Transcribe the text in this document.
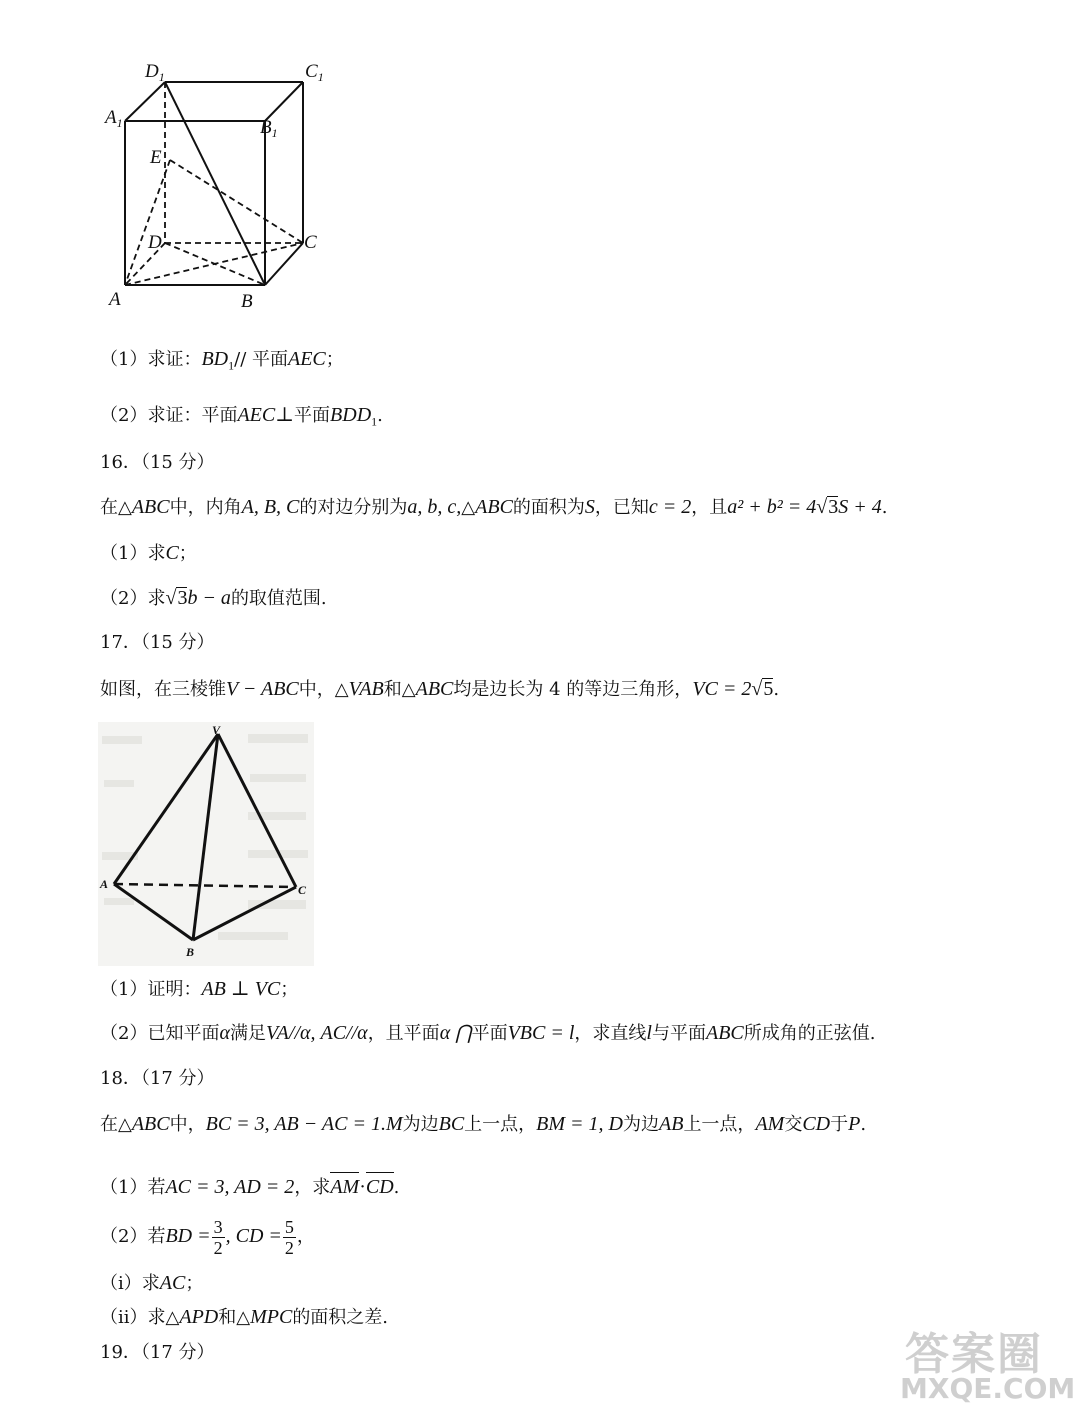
$D_1$	$C_1$
$A_1$	$B_1$
E
D	C
A	B
（1）求证：$BD_1//$ 平面AEC；
（2）求证：平面AEC⊥平面$BDD_1$.
16．（15 分）
在△ABC中，内角A, B, C的对边分别为a, b, c,△ABC的面积为S，已知c = 2，且a² + b² = 4√3S + 4.
（1）求C；
（2）求√3b − a的取值范围.
17．（15 分）
如图，在三棱锥V − ABC中，△VAB和△ABC均是边长为 4 的等边三角形，VC = 2√5.
V
A
B
C
（1）证明：AB ⊥ VC；
（2）已知平面α满足VA//α, AC//α，且平面α ⋂平面VBC = l，求直线l与平面ABC所成角的正弦值.
18．（17 分）
在△ABC中，BC = 3, AB − AC = 1.M为边BC上一点，BM = 1, D为边AB上一点，AM交CD于P.
（1）若AC = 3, AD = 2，求AM·CD.
（2）若BD = $\frac{3}{2}$ , CD = $\frac{5}{2}$ ，
（i）求AC；
（ii）求△APD和△MPC的面积之差.
19．（17 分）	答案圈
MXQE.COM
